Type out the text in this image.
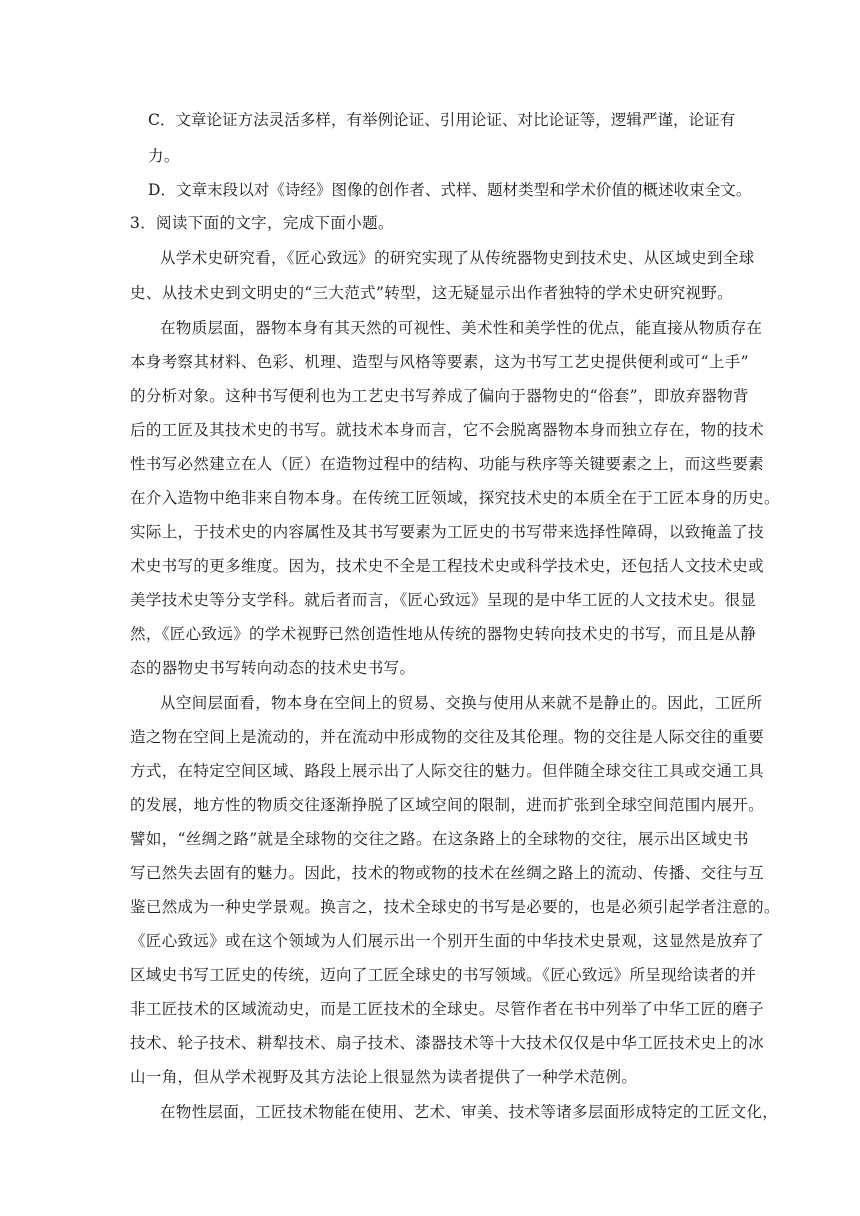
C．文章论证方法灵活多样，有举例论证、引用论证、对比论证等，逻辑严谨，论证有
力。
D．文章末段以对《诗经》图像的创作者、式样、题材类型和学术价值的概述收束全文。
3．阅读下面的文字，完成下面小题。
从学术史研究看，《匠心致远》的研究实现了从传统器物史到技术史、从区域史到全球
史、从技术史到文明史的“三大范式”转型，这无疑显示出作者独特的学术史研究视野。
在物质层面，器物本身有其天然的可视性、美术性和美学性的优点，能直接从物质存在
本身考察其材料、色彩、机理、造型与风格等要素，这为书写工艺史提供便利或可“上手”
的分析对象。这种书写便利也为工艺史书写养成了偏向于器物史的“俗套”，即放弃器物背
后的工匠及其技术史的书写。就技术本身而言，它不会脱离器物本身而独立存在，物的技术
性书写必然建立在人（匠）在造物过程中的结构、功能与秩序等关键要素之上，而这些要素
在介入造物中绝非来自物本身。在传统工匠领域，探究技术史的本质全在于工匠本身的历史。
实际上，于技术史的内容属性及其书写要素为工匠史的书写带来选择性障碍，以致掩盖了技
术史书写的更多维度。因为，技术史不全是工程技术史或科学技术史，还包括人文技术史或
美学技术史等分支学科。就后者而言，《匠心致远》呈现的是中华工匠的人文技术史。很显
然，《匠心致远》的学术视野已然创造性地从传统的器物史转向技术史的书写，而且是从静
态的器物史书写转向动态的技术史书写。
从空间层面看，物本身在空间上的贸易、交换与使用从来就不是静止的。因此，工匠所
造之物在空间上是流动的，并在流动中形成物的交往及其伦理。物的交往是人际交往的重要
方式，在特定空间区域、路段上展示出了人际交往的魅力。但伴随全球交往工具或交通工具
的发展，地方性的物质交往逐渐挣脱了区域空间的限制，进而扩张到全球空间范围内展开。
譬如，“丝绸之路”就是全球物的交往之路。在这条路上的全球物的交往，展示出区域史书
写已然失去固有的魅力。因此，技术的物或物的技术在丝绸之路上的流动、传播、交往与互
鉴已然成为一种史学景观。换言之，技术全球史的书写是必要的，也是必须引起学者注意的。
《匠心致远》或在这个领域为人们展示出一个别开生面的中华技术史景观，这显然是放弃了
区域史书写工匠史的传统，迈向了工匠全球史的书写领域。《匠心致远》所呈现给读者的并
非工匠技术的区域流动史，而是工匠技术的全球史。尽管作者在书中列举了中华工匠的磨子
技术、轮子技术、耕犁技术、扇子技术、漆器技术等十大技术仅仅是中华工匠技术史上的冰
山一角，但从学术视野及其方法论上很显然为读者提供了一种学术范例。
在物性层面，工匠技术物能在使用、艺术、审美、技术等诸多层面形成特定的工匠文化，
